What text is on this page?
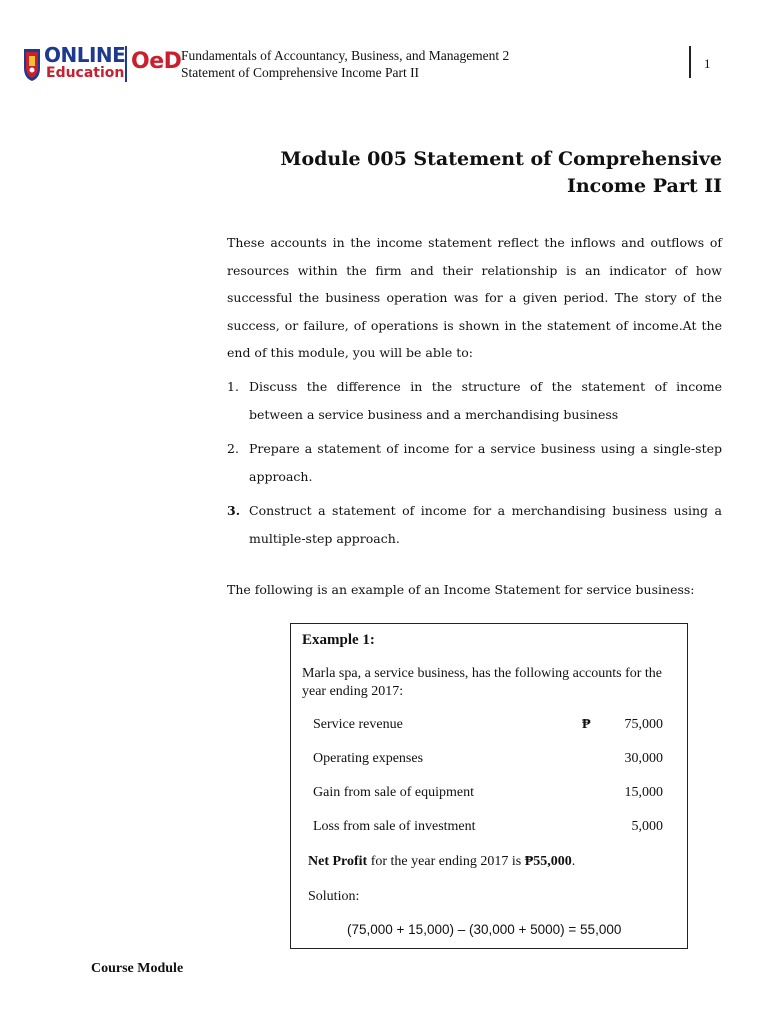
ONLINE
Education OeD Fundamentals of Accountancy, Business, and Management 2
Statement of Comprehensive Income Part II
1
Module 005 Statement of Comprehensive
Income Part II
These accounts in the income statement reflect the inflows and outflows of resources within the firm and their relationship is an indicator of how successful the business operation was for a given period. The story of the success, or failure, of operations is shown in the statement of income.At the end of this module, you will be able to:
1. Discuss the difference in the structure of the statement of income between a service business and a merchandising business
2. Prepare a statement of income for a service business using a single-step approach.
3. Construct a statement of income for a merchandising business using a multiple-step approach.
The following is an example of an Income Statement for service business:
Example 1:
Marla spa, a service business, has the following accounts for the year ending 2017:
Service revenue	₱ 75,000
Operating expenses	30,000
Gain from sale of equipment	15,000
Loss from sale of investment	5,000
Net Profit for the year ending 2017 is ₱55,000.
Solution:
(75,000 + 15,000) – (30,000 + 5000) = 55,000
Course Module
